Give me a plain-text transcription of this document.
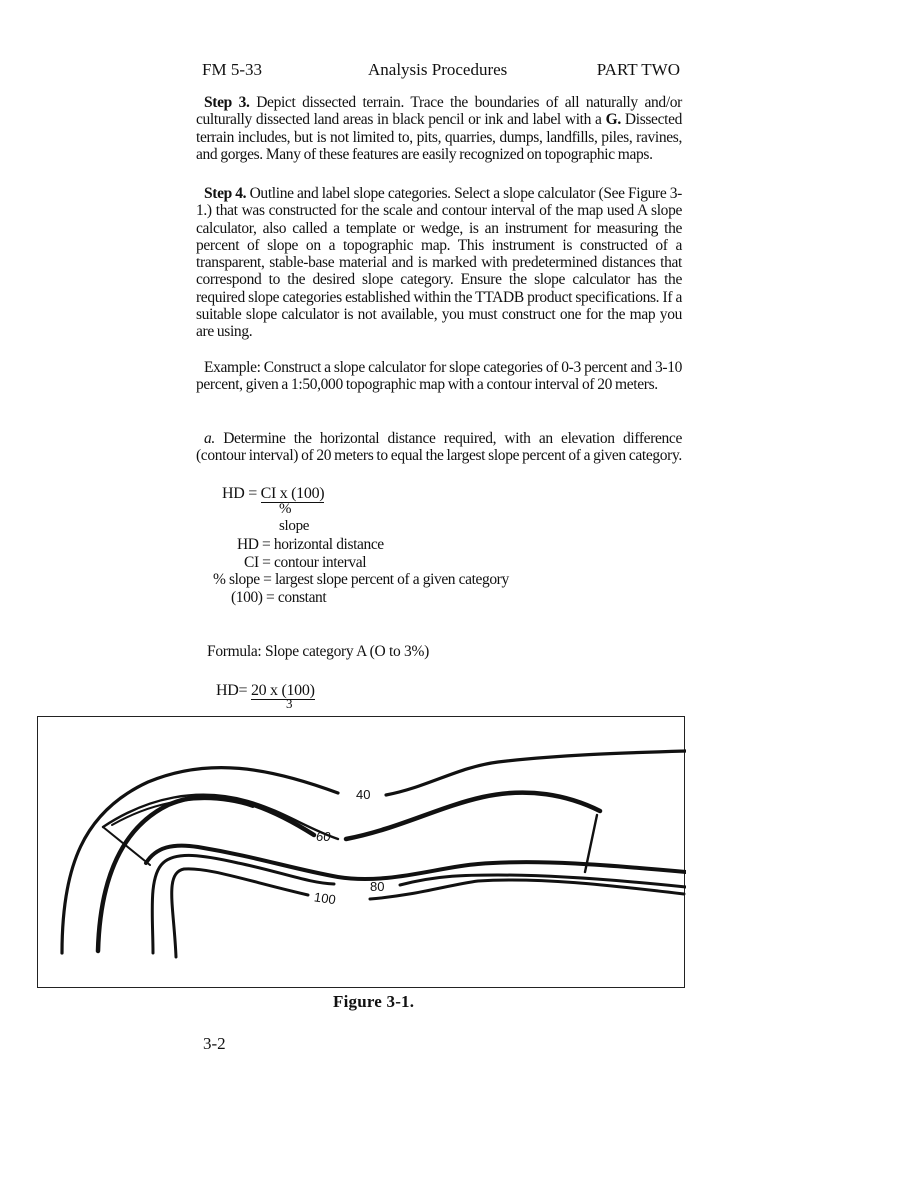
FM 5-33	Analysis Procedures	PART TWO
Step 3. Depict dissected terrain. Trace the boundaries of all naturally and/or culturally dissected land areas in black pencil or ink and label with a G. Dissected terrain includes, but is not limited to, pits, quarries, dumps, landfills, piles, ravines, and gorges. Many of these features are easily recognized on topographic maps.
Step 4. Outline and label slope categories. Select a slope calculator (See Figure 3-1.) that was constructed for the scale and contour interval of the map used A slope calculator, also called a template or wedge, is an instrument for measuring the percent of slope on a topographic map. This instrument is constructed of a transparent, stable-base material and is marked with predetermined distances that correspond to the desired slope category. Ensure the slope calculator has the required slope categories established within the TTADB product specifications. If a suitable slope calculator is not available, you must construct one for the map you are using.
Example: Construct a slope calculator for slope categories of 0-3 percent and 3-10 percent, given a 1:50,000 topographic map with a contour interval of 20 meters.
a. Determine the horizontal distance required, with an elevation difference (contour interval) of 20 meters to equal the largest slope percent of a given category.
HD = CI x (100)
% slope
HD = horizontal distance
CI = contour interval
% slope = largest slope percent of a given category
(100) = constant
Formula: Slope category A (O to 3%)
HD= 20 x (100)
3
40
60
80
100
Figure 3-1.
3-2
